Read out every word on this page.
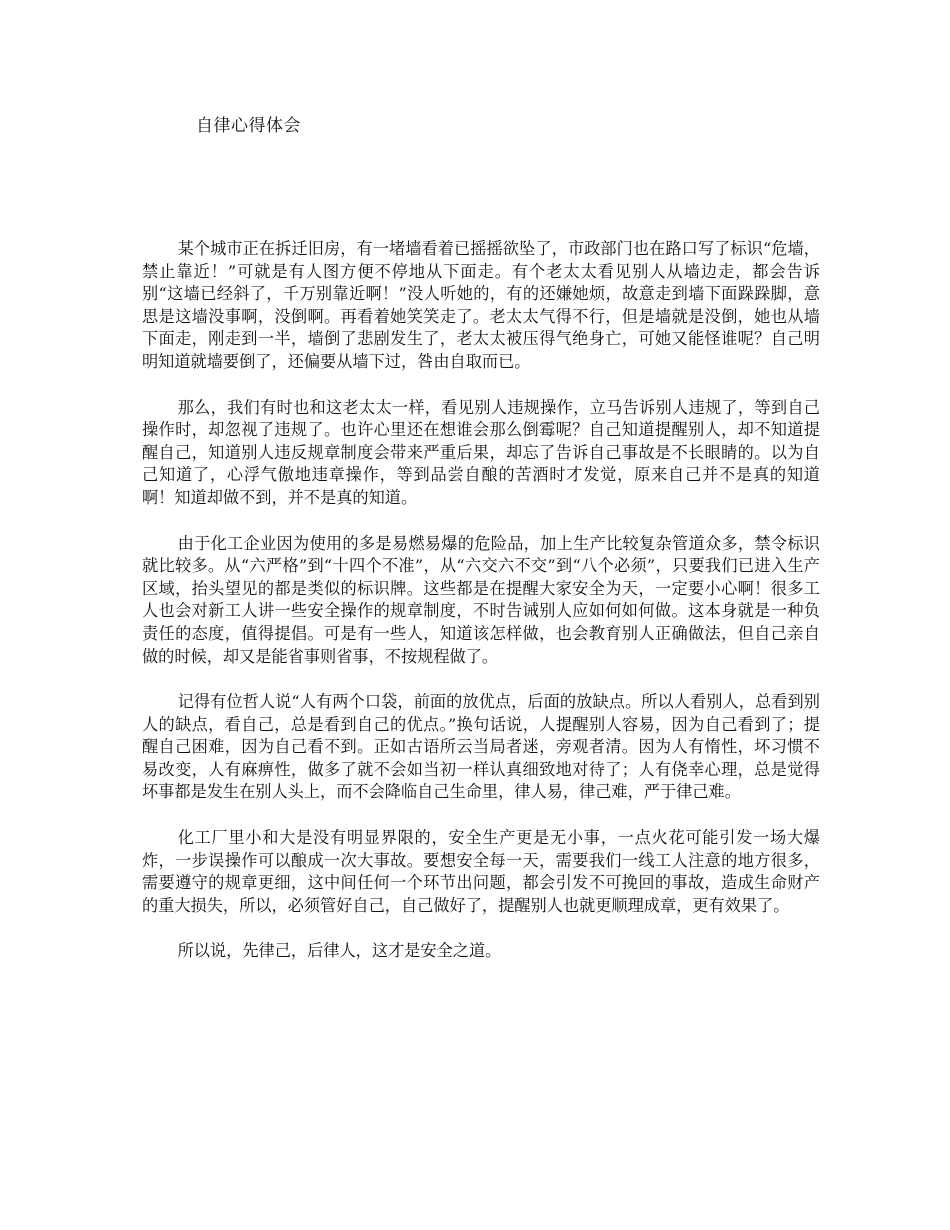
自律心得体会

某个城市正在拆迁旧房，有一堵墙看着已摇摇欲坠了，市政部门也在路口写了标识“危墙，禁止靠近！”可就是有人图方便不停地从下面走。有个老太太看见别人从墙边走，都会告诉别“这墙已经斜了，千万别靠近啊！”没人听她的，有的还嫌她烦，故意走到墙下面跺跺脚，意思是这墙没事啊，没倒啊。再看着她笑笑走了。老太太气得不行，但是墙就是没倒，她也从墙下面走，刚走到一半，墙倒了悲剧发生了，老太太被压得气绝身亡，可她又能怪谁呢？自己明明知道就墙要倒了，还偏要从墙下过，咎由自取而已。

那么，我们有时也和这老太太一样，看见别人违规操作，立马告诉别人违规了，等到自己操作时，却忽视了违规了。也许心里还在想谁会那么倒霉呢？自己知道提醒别人，却不知道提醒自己，知道别人违反规章制度会带来严重后果，却忘了告诉自己事故是不长眼睛的。以为自己知道了，心浮气傲地违章操作，等到品尝自酿的苦酒时才发觉，原来自己并不是真的知道啊！知道却做不到，并不是真的知道。

由于化工企业因为使用的多是易燃易爆的危险品，加上生产比较复杂管道众多，禁令标识就比较多。从“六严格”到“十四个不准”，从“六交六不交”到“八个必须”，只要我们已进入生产区域，抬头望见的都是类似的标识牌。这些都是在提醒大家安全为天，一定要小心啊！很多工人也会对新工人讲一些安全操作的规章制度，不时告诫别人应如何如何做。这本身就是一种负责任的态度，值得提倡。可是有一些人，知道该怎样做，也会教育别人正确做法，但自己亲自做的时候，却又是能省事则省事，不按规程做了。

记得有位哲人说“人有两个口袋，前面的放优点，后面的放缺点。所以人看别人，总看到别人的缺点，看自己，总是看到自己的优点。”换句话说，人提醒别人容易，因为自己看到了；提醒自己困难，因为自己看不到。正如古语所云当局者迷，旁观者清。因为人有惰性，坏习惯不易改变，人有麻痹性，做多了就不会如当初一样认真细致地对待了；人有侥幸心理，总是觉得坏事都是发生在别人头上，而不会降临自己生命里，律人易，律己难，严于律己难。

化工厂里小和大是没有明显界限的，安全生产更是无小事，一点火花可能引发一场大爆炸，一步误操作可以酿成一次大事故。要想安全每一天，需要我们一线工人注意的地方很多，需要遵守的规章更细，这中间任何一个环节出问题，都会引发不可挽回的事故，造成生命财产的重大损失，所以，必须管好自己，自己做好了，提醒别人也就更顺理成章，更有效果了。

所以说，先律己，后律人，这才是安全之道。
